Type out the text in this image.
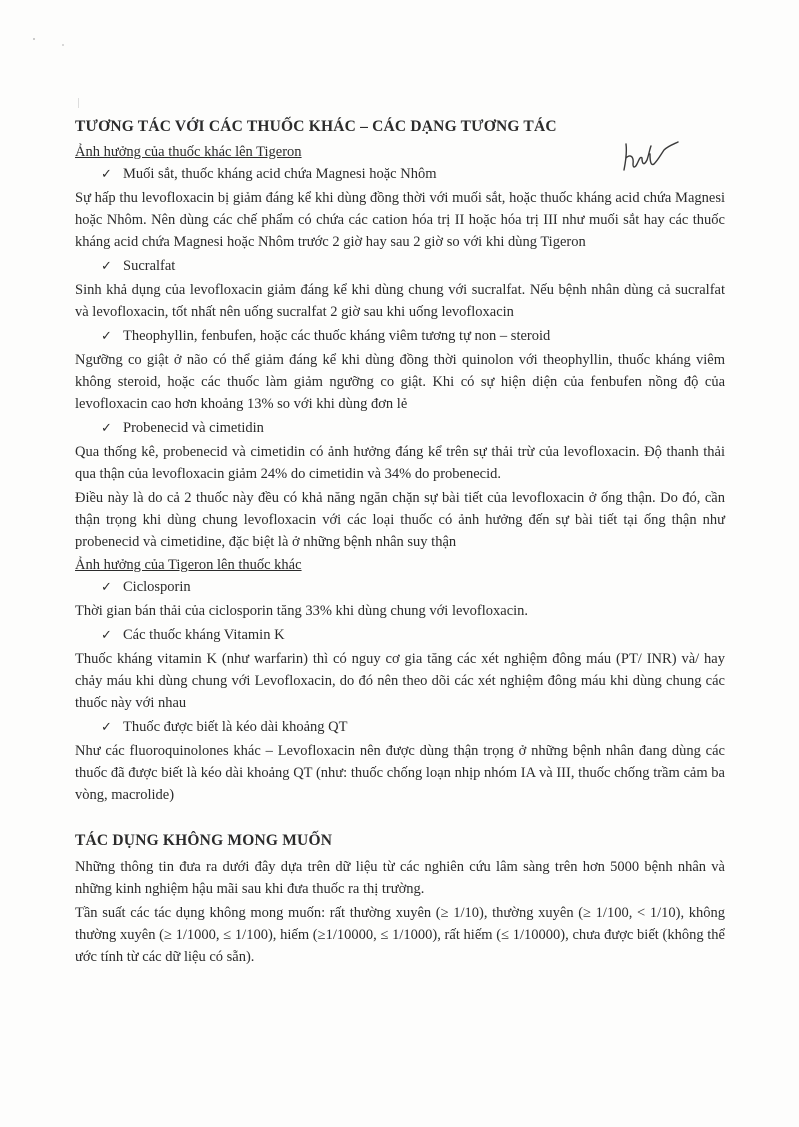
TƯƠNG TÁC VỚI CÁC THUỐC KHÁC – CÁC DẠNG TƯƠNG TÁC
Ảnh hưởng của thuốc khác lên Tigeron
✓ Muối sắt, thuốc kháng acid chứa Magnesi hoặc Nhôm

Sự hấp thu levofloxacin bị giảm đáng kể khi dùng đồng thời với muối sắt, hoặc thuốc kháng acid chứa Magnesi hoặc Nhôm. Nên dùng các chế phẩm có chứa các cation hóa trị II hoặc hóa trị III như muối sắt hay các thuốc kháng acid chứa Magnesi hoặc Nhôm trước 2 giờ hay sau 2 giờ so với khi dùng Tigeron

✓ Sucralfat

Sinh khả dụng của levofloxacin giảm đáng kể khi dùng chung với sucralfat. Nếu bệnh nhân dùng cả sucralfat và levofloxacin, tốt nhất nên uống sucralfat 2 giờ sau khi uống levofloxacin

✓ Theophyllin, fenbufen, hoặc các thuốc kháng viêm tương tự non – steroid

Ngưỡng co giật ở não có thể giảm đáng kể khi dùng đồng thời quinolon với theophyllin, thuốc kháng viêm không steroid, hoặc các thuốc làm giảm ngưỡng co giật. Khi có sự hiện diện của fenbufen nồng độ của levofloxacin cao hơn khoảng 13% so với khi dùng đơn lẻ

✓ Probenecid và cimetidin

Qua thống kê, probenecid và cimetidin có ảnh hưởng đáng kể trên sự thải trừ của levofloxacin. Độ thanh thải qua thận của levofloxacin giảm 24% do cimetidin và 34% do probenecid.

Điều này là do cả 2 thuốc này đều có khả năng ngăn chặn sự bài tiết của levofloxacin ở ống thận. Do đó, cần thận trọng khi dùng chung levofloxacin với các loại thuốc có ảnh hưởng đến sự bài tiết tại ống thận như probenecid và cimetidine, đặc biệt là ở những bệnh nhân suy thận

Ảnh hưởng của Tigeron lên thuốc khác
✓ Ciclosporin

Thời gian bán thải của ciclosporin tăng 33% khi dùng chung với levofloxacin.

✓ Các thuốc kháng Vitamin K

Thuốc kháng vitamin K (như warfarin) thì có nguy cơ gia tăng các xét nghiệm đông máu (PT/ INR) và/ hay chảy máu khi dùng chung với Levofloxacin, do đó nên theo dõi các xét nghiệm đông máu khi dùng chung các thuốc này với nhau

✓ Thuốc được biết là kéo dài khoảng QT

Như các fluoroquinolones khác – Levofloxacin nên được dùng thận trọng ở những bệnh nhân đang dùng các thuốc đã được biết là kéo dài khoảng QT (như: thuốc chống loạn nhịp nhóm IA và III, thuốc chống trầm cảm ba vòng, macrolide)

TÁC DỤNG KHÔNG MONG MUỐN

Những thông tin đưa ra dưới đây dựa trên dữ liệu từ các nghiên cứu lâm sàng trên hơn 5000 bệnh nhân và những kinh nghiệm hậu mãi sau khi đưa thuốc ra thị trường.

Tần suất các tác dụng không mong muốn: rất thường xuyên (≥ 1/10), thường xuyên (≥ 1/100, < 1/10), không thường xuyên (≥ 1/1000, ≤ 1/100), hiếm (≥1/10000, ≤ 1/1000), rất hiếm (≤ 1/10000), chưa được biết (không thể ước tính từ các dữ liệu có sẵn).
